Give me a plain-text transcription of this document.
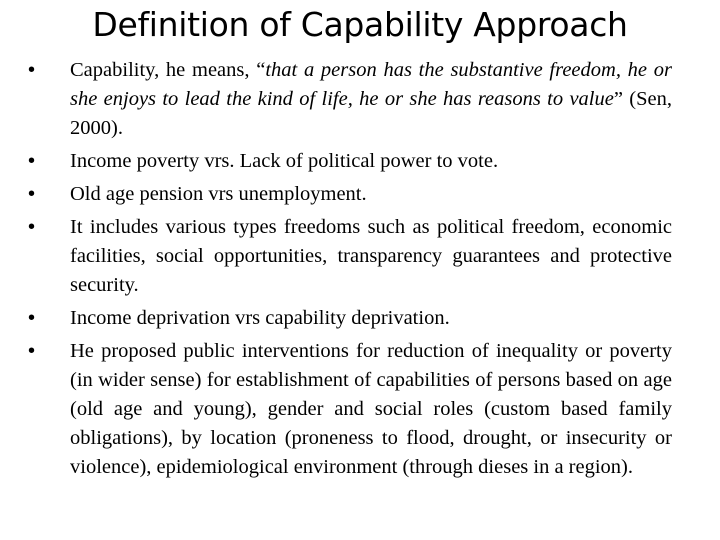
Definition of Capability Approach
• Capability, he means, “that a person has the substantive freedom, he or she enjoys to lead the kind of life, he or she has reasons to value” (Sen, 2000).
• Income poverty vrs. Lack of political power to vote.
• Old age pension vrs unemployment.
• It includes various types freedoms such as political freedom, economic facilities, social opportunities, transparency guarantees and protective security.
• Income deprivation vrs capability deprivation.
• He proposed public interventions for reduction of inequality or poverty (in wider sense) for establishment of capabilities of persons based on age (old age and young), gender and social roles (custom based family obligations), by location (proneness to flood, drought, or insecurity or violence), epidemiological environment (through dieses in a region).
